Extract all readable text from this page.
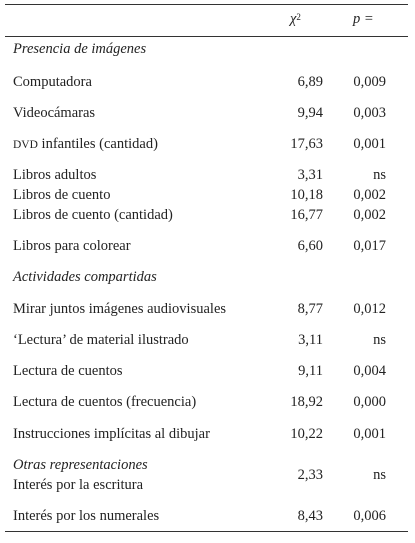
$\chi^2$	p =
Presencia de imágenes
Computadora	6,89 0,009
Videocámaras	9,94 0,003
DVD infantiles (cantidad)	17,63 0,001
Libros adultos	3,31	ns
Libros de cuento	10,18 0,002
Libros de cuento (cantidad)	16,77 0,002
Libros para colorear	6,60 0,017
Actividades compartidas
Mirar juntos imágenes audiovisuales	8,77 0,012
‘Lectura’ de material ilustrado	3,11	ns
Lectura de cuentos	9,11 0,004
Lectura de cuentos (frecuencia)	18,92 0,000
Instrucciones implícitas al dibujar	10,22 0,001
Otras representaciones
Interés por la escritura
2,33	ns
Interés por los numerales	8,43 0,006
